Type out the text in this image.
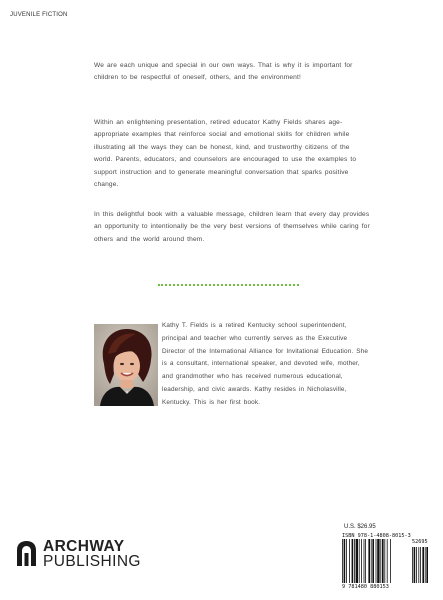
JUVENILE FICTION

We are each unique and special in our own ways. That is why it is important for children to be respectful of oneself, others, and the environment!

Within an enlightening presentation, retired educator Kathy Fields shares age-appropriate examples that reinforce social and emotional skills for children while illustrating all the ways they can be honest, kind, and trustworthy citizens of the world. Parents, educators, and counselors are encouraged to use the examples to support instruction and to generate meaningful conversation that sparks positive change.

In this delightful book with a valuable message, children learn that every day provides an opportunity to intentionally be the very best versions of themselves while caring for others and the world around them.

Kathy T. Fields is a retired Kentucky school superintendent, principal and teacher who currently serves as the Executive Director of the International Alliance for Invitational Education. She is a consultant, international speaker, and devoted wife, mother, and grandmother who has received numerous educational, leadership, and civic awards. Kathy resides in Nicholasville, Kentucky. This is her first book.

ARCHWAY
PUBLISHING
U.S. $26.95
ISBN 978-1-4808-8015-3
9 781480 880153
52695
